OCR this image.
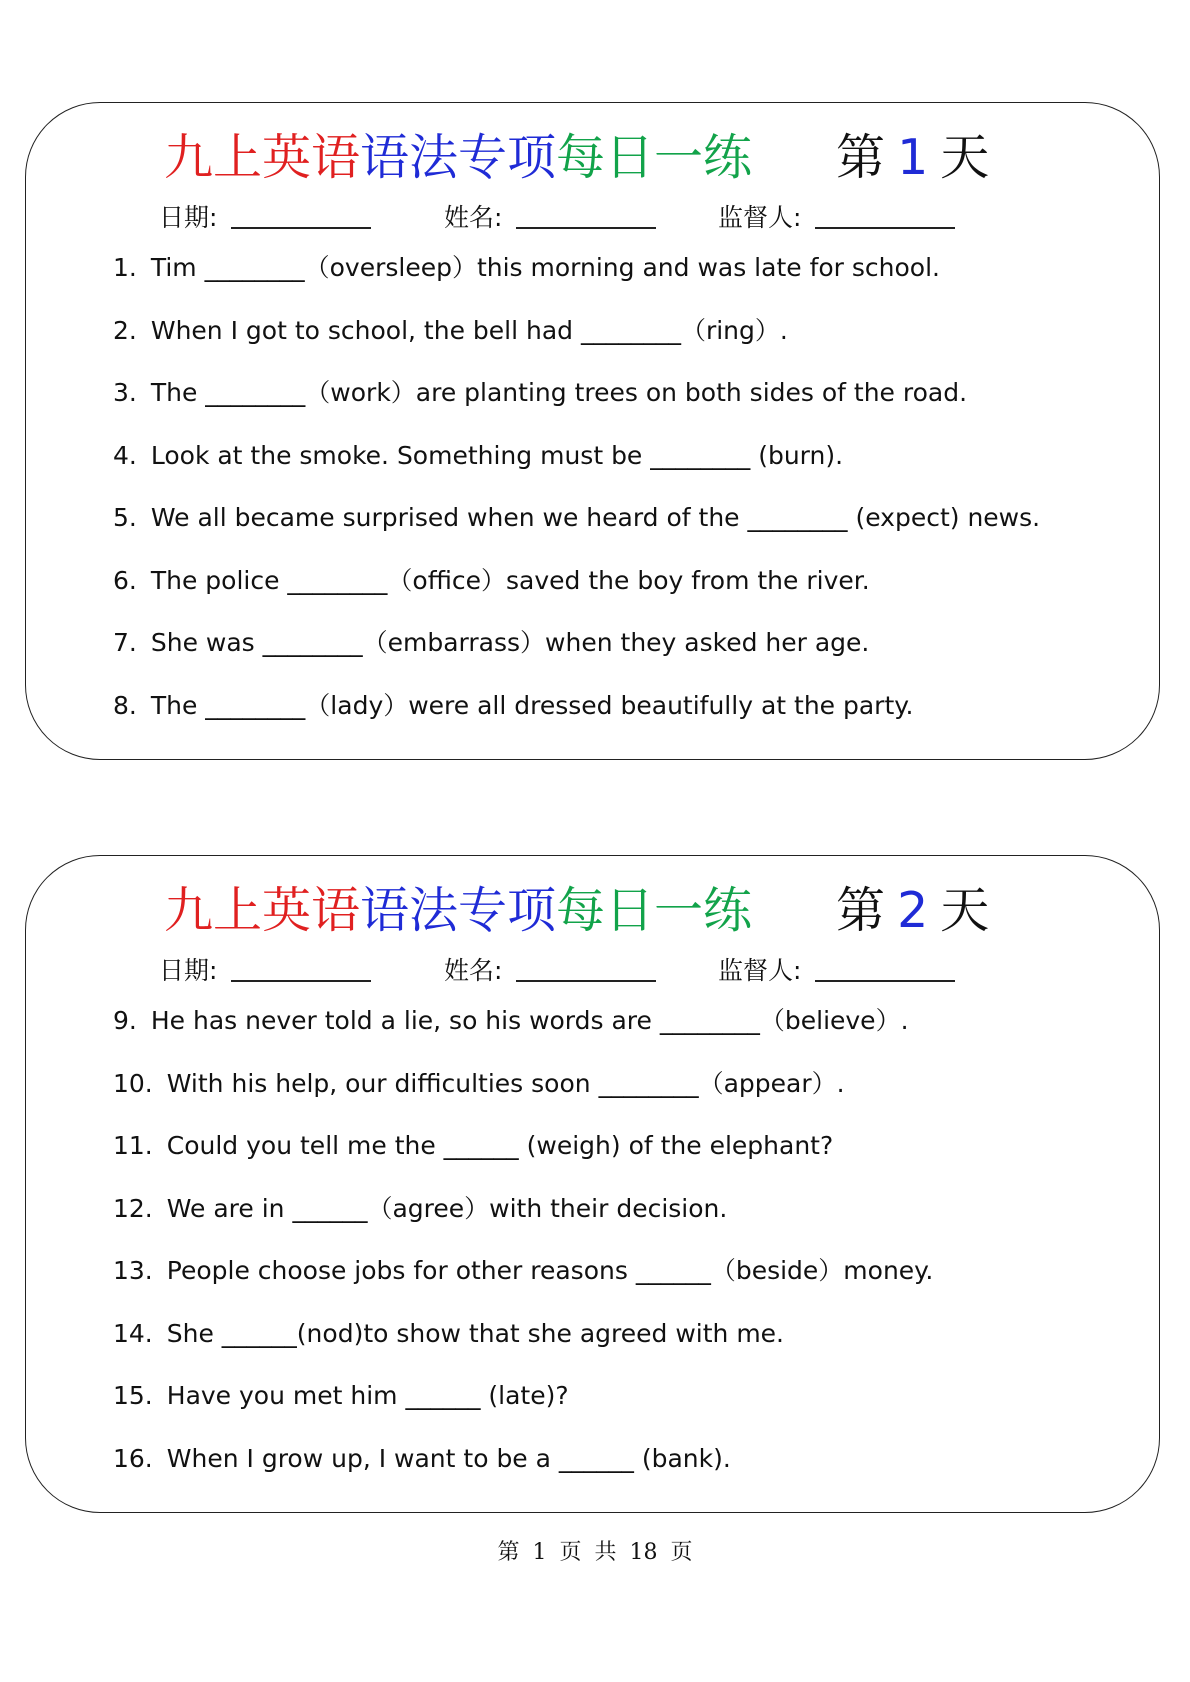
九上英语 语法专项 每日一练 第 1 天
日期:	姓名:	监督人:
1. Tim ________（oversleep）this morning and was late for school.
2. When I got to school, the bell had ________（ring）.
3. The ________（work）are planting trees on both sides of the road.
4. Look at the smoke. Something must be ________ (burn).
5. We all became surprised when we heard of the ________ (expect) news.
6. The police ________（office）saved the boy from the river.
7. She was ________（embarrass）when they asked her age.
8. The ________（lady）were all dressed beautifully at the party.
九上英语 语法专项 每日一练 第 2 天
日期:	姓名:	监督人:
9. He has never told a lie, so his words are ________（believe）.
10. With his help, our difficulties soon ________（appear）.
11. Could you tell me the ______ (weigh) of the elephant?
12. We are in ______（agree）with their decision.
13. People choose jobs for other reasons ______（beside）money.
14. She ______(nod)to show that she agreed with me.
15. Have you met him ______ (late)?
16. When I grow up, I want to be a ______ (bank).
第 1 页 共 18 页
